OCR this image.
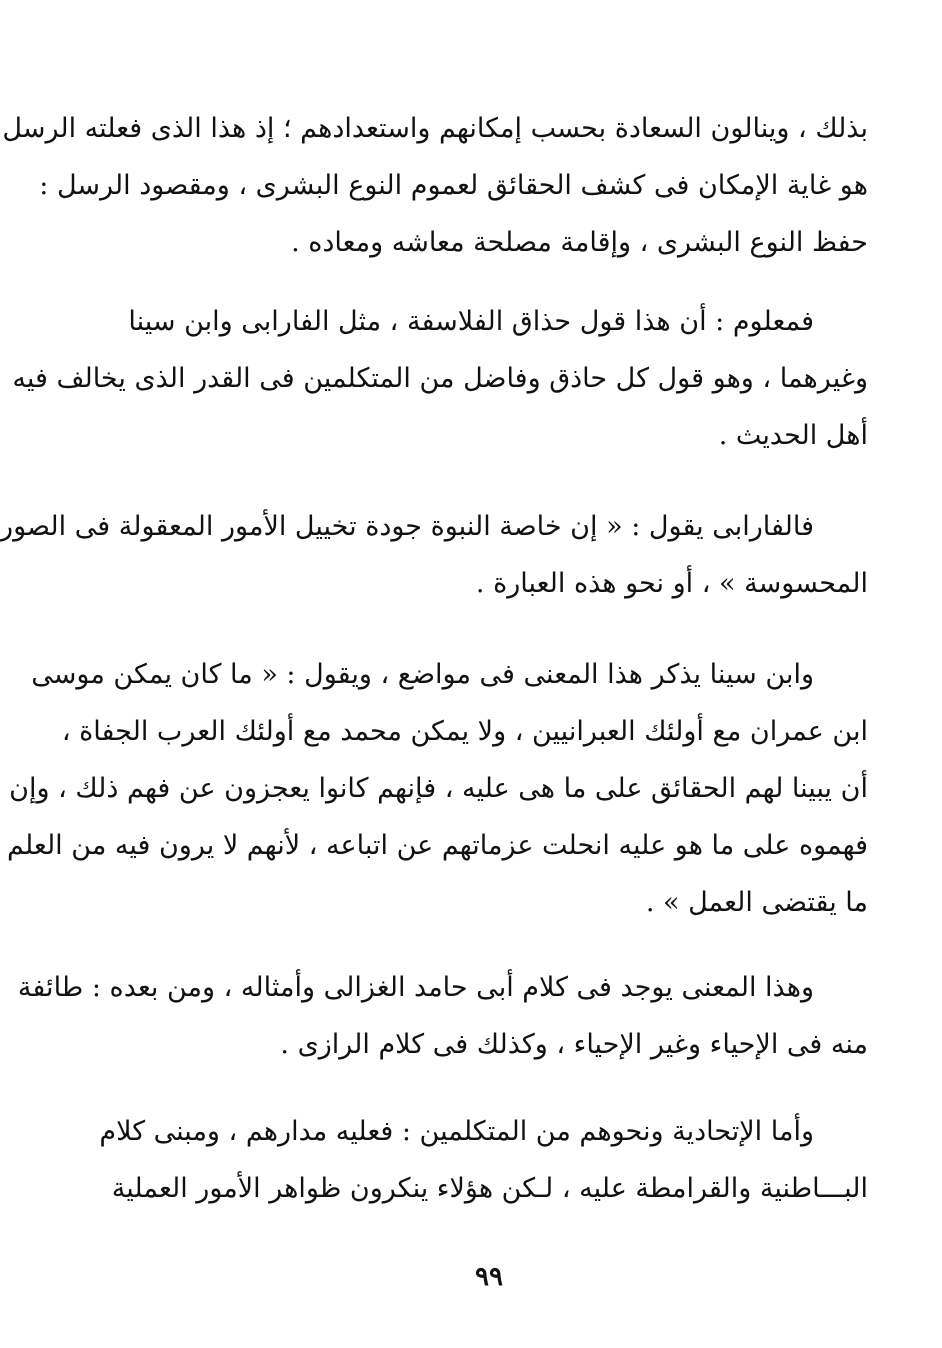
بذلك ، وينالون السعادة بحسب إمكانهم واستعدادهم ؛ إذ هذا الذى فعلته الرسل
هو غاية الإمكان فى كشف الحقائق لعموم النوع البشرى ، ومقصود الرسل :
حفظ النوع البشرى ، وإقامة مصلحة معاشه ومعاده .
فمعلوم : أن هذا قول حذاق الفلاسفة ، مثل الفارابى وابن سينا
وغيرهما ، وهو قول كل حاذق وفاضل من المتكلمين فى القدر الذى يخالف فيه
أهل الحديث .
فالفارابى يقول : « إن خاصة النبوة جودة تخييل الأمور المعقولة فى الصور
المحسوسة » ، أو نحو هذه العبارة .
وابن سينا يذكر هذا المعنى فى مواضع ، ويقول : « ما كان يمكن موسى
ابن عمران مع أولئك العبرانيين ، ولا يمكن محمد مع أولئك العرب الجفاة ،
أن يبينا لهم الحقائق على ما هى عليه ، فإنهم كانوا يعجزون عن فهم ذلك ، وإن
فهموه على ما هو عليه انحلت عزماتهم عن اتباعه ، لأنهم لا يرون فيه من العلم
ما يقتضى العمل » .
وهذا المعنى يوجد فى كلام أبى حامد الغزالى وأمثاله ، ومن بعده : طائفة
منه فى الإحياء وغير الإحياء ، وكذلك فى كلام الرازى .
وأما الإتحادية ونحوهم من المتكلمين : فعليه مدارهم ، ومبنى كلام
البـــاطنية والقرامطة عليه ، لـكن هؤلاء ينكرون ظواهر الأمور العملية
٩٩
